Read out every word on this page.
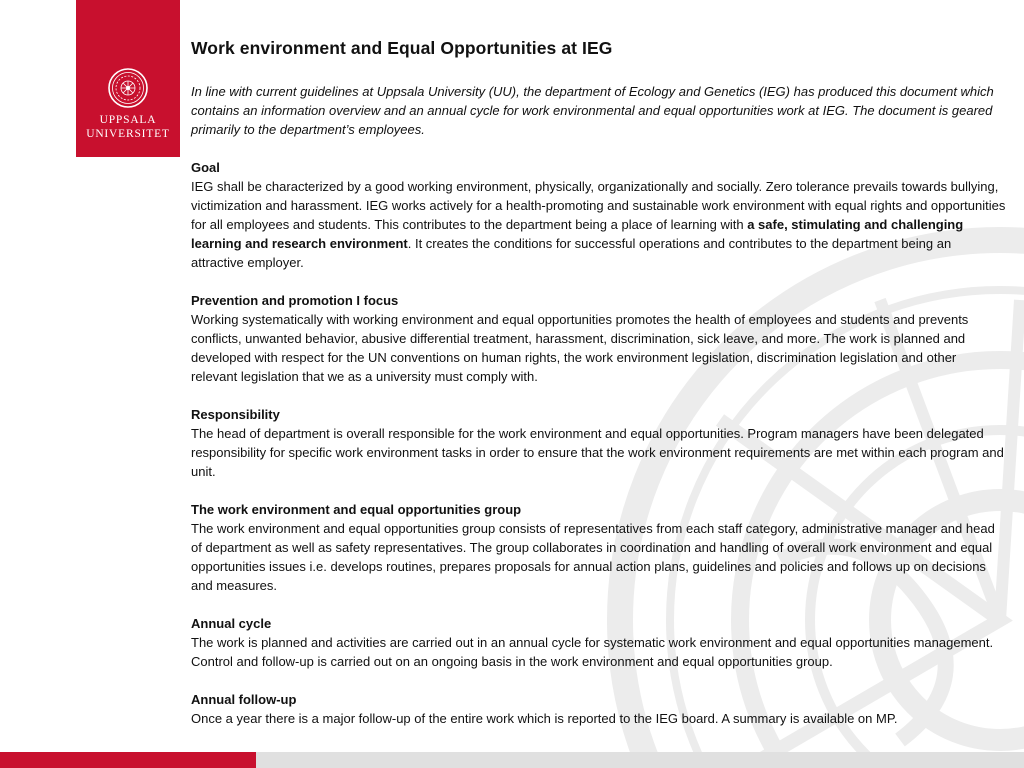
UPPSALA
UNIVERSITET
Work environment and Equal Opportunities at IEG

In line with current guidelines at Uppsala University (UU), the department of Ecology and Genetics (IEG) has produced this document which contains an information overview and an annual cycle for work environmental and equal opportunities work at IEG. The document is geared primarily to the department’s employees.

Goal

IEG shall be characterized by a good working environment, physically, organizationally and socially. Zero tolerance prevails towards bullying, victimization and harassment. IEG works actively for a health-promoting and sustainable work environment with equal rights and opportunities for all employees and students. This contributes to the department being a place of learning with a safe, stimulating and challenging learning and research environment. It creates the conditions for successful operations and contributes to the department being an attractive employer.

Prevention and promotion I focus

Working systematically with working environment and equal opportunities promotes the health of employees and students and prevents conflicts, unwanted behavior, abusive differential treatment, harassment, discrimination, sick leave, and more. The work is planned and developed with respect for the UN conventions on human rights, the work environment legislation, discrimination legislation and other relevant legislation that we as a university must comply with.

Responsibility

The head of department is overall responsible for the work environment and equal opportunities. Program managers have been delegated responsibility for specific work environment tasks in order to ensure that the work environment requirements are met within each program and unit.

The work environment and equal opportunities group

The work environment and equal opportunities group consists of representatives from each staff category, administrative manager and head of department as well as safety representatives. The group collaborates in coordination and handling of overall work environment and equal opportunities issues i.e. develops routines, prepares proposals for annual action plans, guidelines and policies and follows up on decisions and measures.

Annual cycle

The work is planned and activities are carried out in an annual cycle for systematic work environment and equal opportunities management. Control and follow-up is carried out on an ongoing basis in the work environment and equal opportunities group.

Annual follow-up

Once a year there is a major follow-up of the entire work which is reported to the IEG board. A summary is available on MP.
